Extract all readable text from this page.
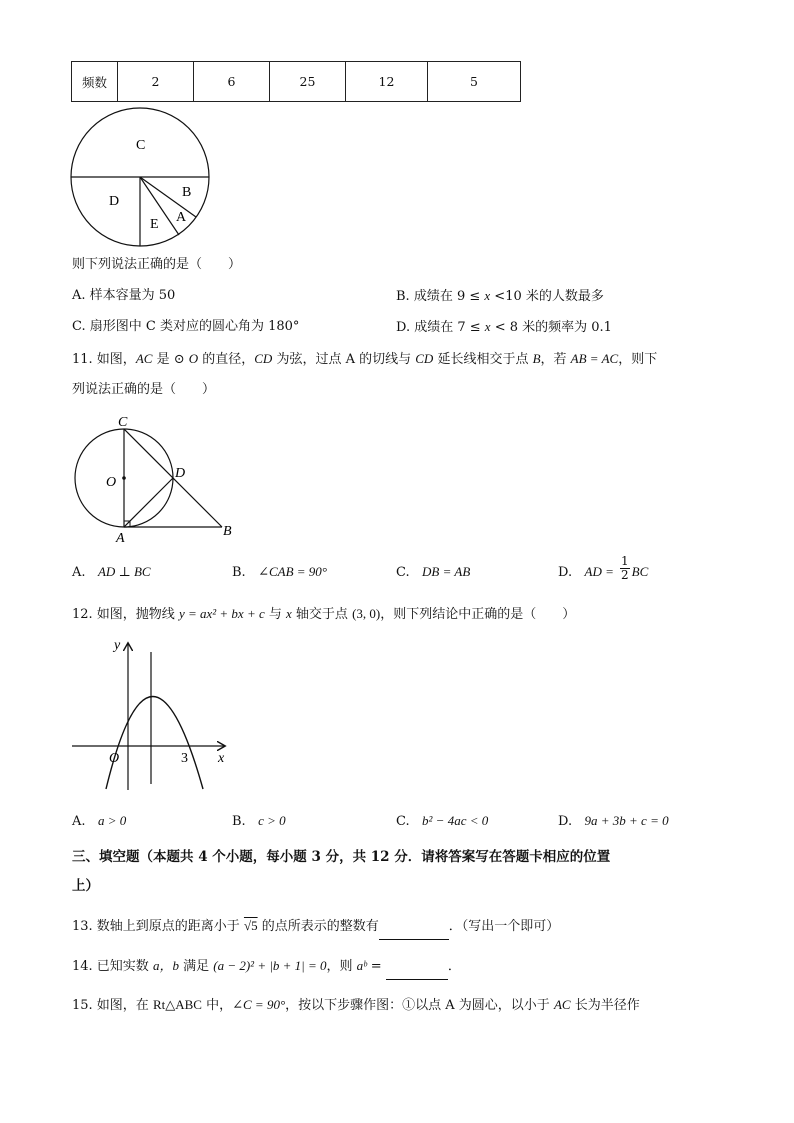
频数	2	6	25	12	5
C
D
B
A
E
则下列说法正确的是（　　）
A. 样本容量为 50	B. 成绩在 9 ≤ x <10 米的人数最多
C. 扇形图中 C 类对应的圆心角为 180°	D. 成绩在 7 ≤ x < 8 米的频率为 0.1
11. 如图，AC 是 ⊙ O 的直径，CD 为弦，过点 A 的切线与 CD 延长线相交于点 B，若 AB = AC，则下
列说法正确的是（　　）
C
O
D
A	B
A. AD ⊥ BC	B. ∠CAB = 90°	C. DB = AB	D. AD = $\frac{1}{2}$ BC
12. 如图，抛物线 y = ax² + bx + c 与 x 轴交于点 (3, 0)，则下列结论中正确的是（　　）
y
x
O	3
A. a > 0	B. c > 0	C. b² − 4ac < 0	D. 9a + 3b + c = 0
三、填空题（本题共 4 个小题，每小题 3 分，共 12 分．请将答案写在答题卡相应的位置
上）
13. 数轴上到原点的距离小于 √5 的点所表示的整数有	．（写出一个即可）
14. 已知实数 a，b 满足 (a − 2)² + |b + 1| = 0，则 aᵇ =	．
15. 如图，在 Rt△ABC 中，∠C = 90°，按以下步骤作图：①以点 A 为圆心，以小于 AC 长为半径作
